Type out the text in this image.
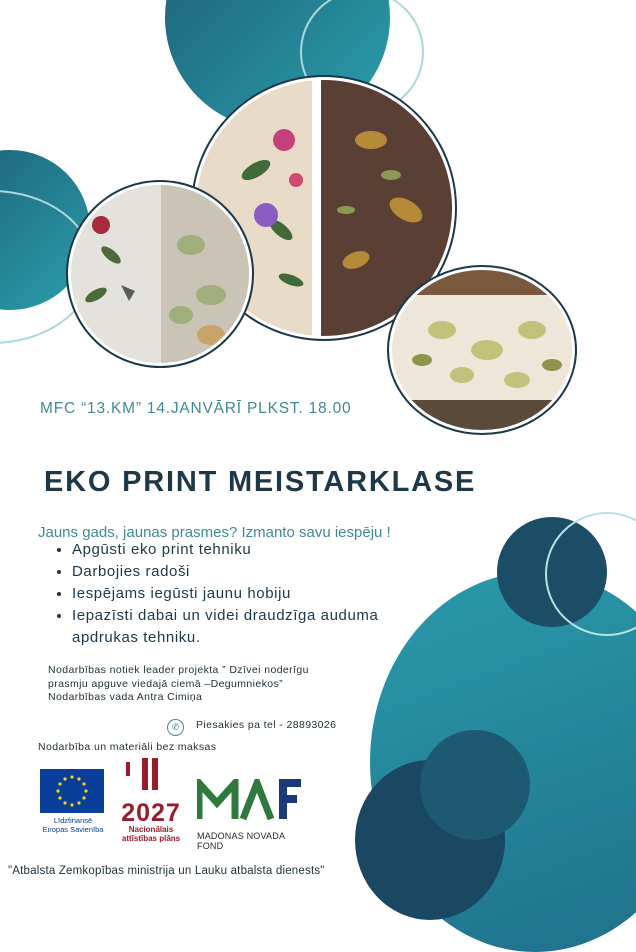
MFC “13.KM” 14.JANVĀRĪ PLKST. 18.00
EKO PRINT MEISTARKLASE
Jauns gads, jaunas prasmes? Izmanto savu iespēju !
• Apgūsti eko print tehniku
• Darbojies radoši
• Iespējams iegūsti jaunu hobiju
• Iepazīsti dabai un videi draudzīga auduma apdrukas tehniku.
Nodarbības notiek leader projekta ” Dzīvei noderīgu
prasmju apguve viedajā ciemā –Degumniekos”
Nodarbības vada Antra Cimiņa
✆	Piesakies pa tel - 28893026
Nodarbība un materiāli bez maksas
Līdzfinansē
Eiropas Savienība
2027
Nacionālais
attīstības plāns	MADONAS NOVADA FOND
"Atbalsta Zemkopības ministrija un Lauku atbalsta dienests"
